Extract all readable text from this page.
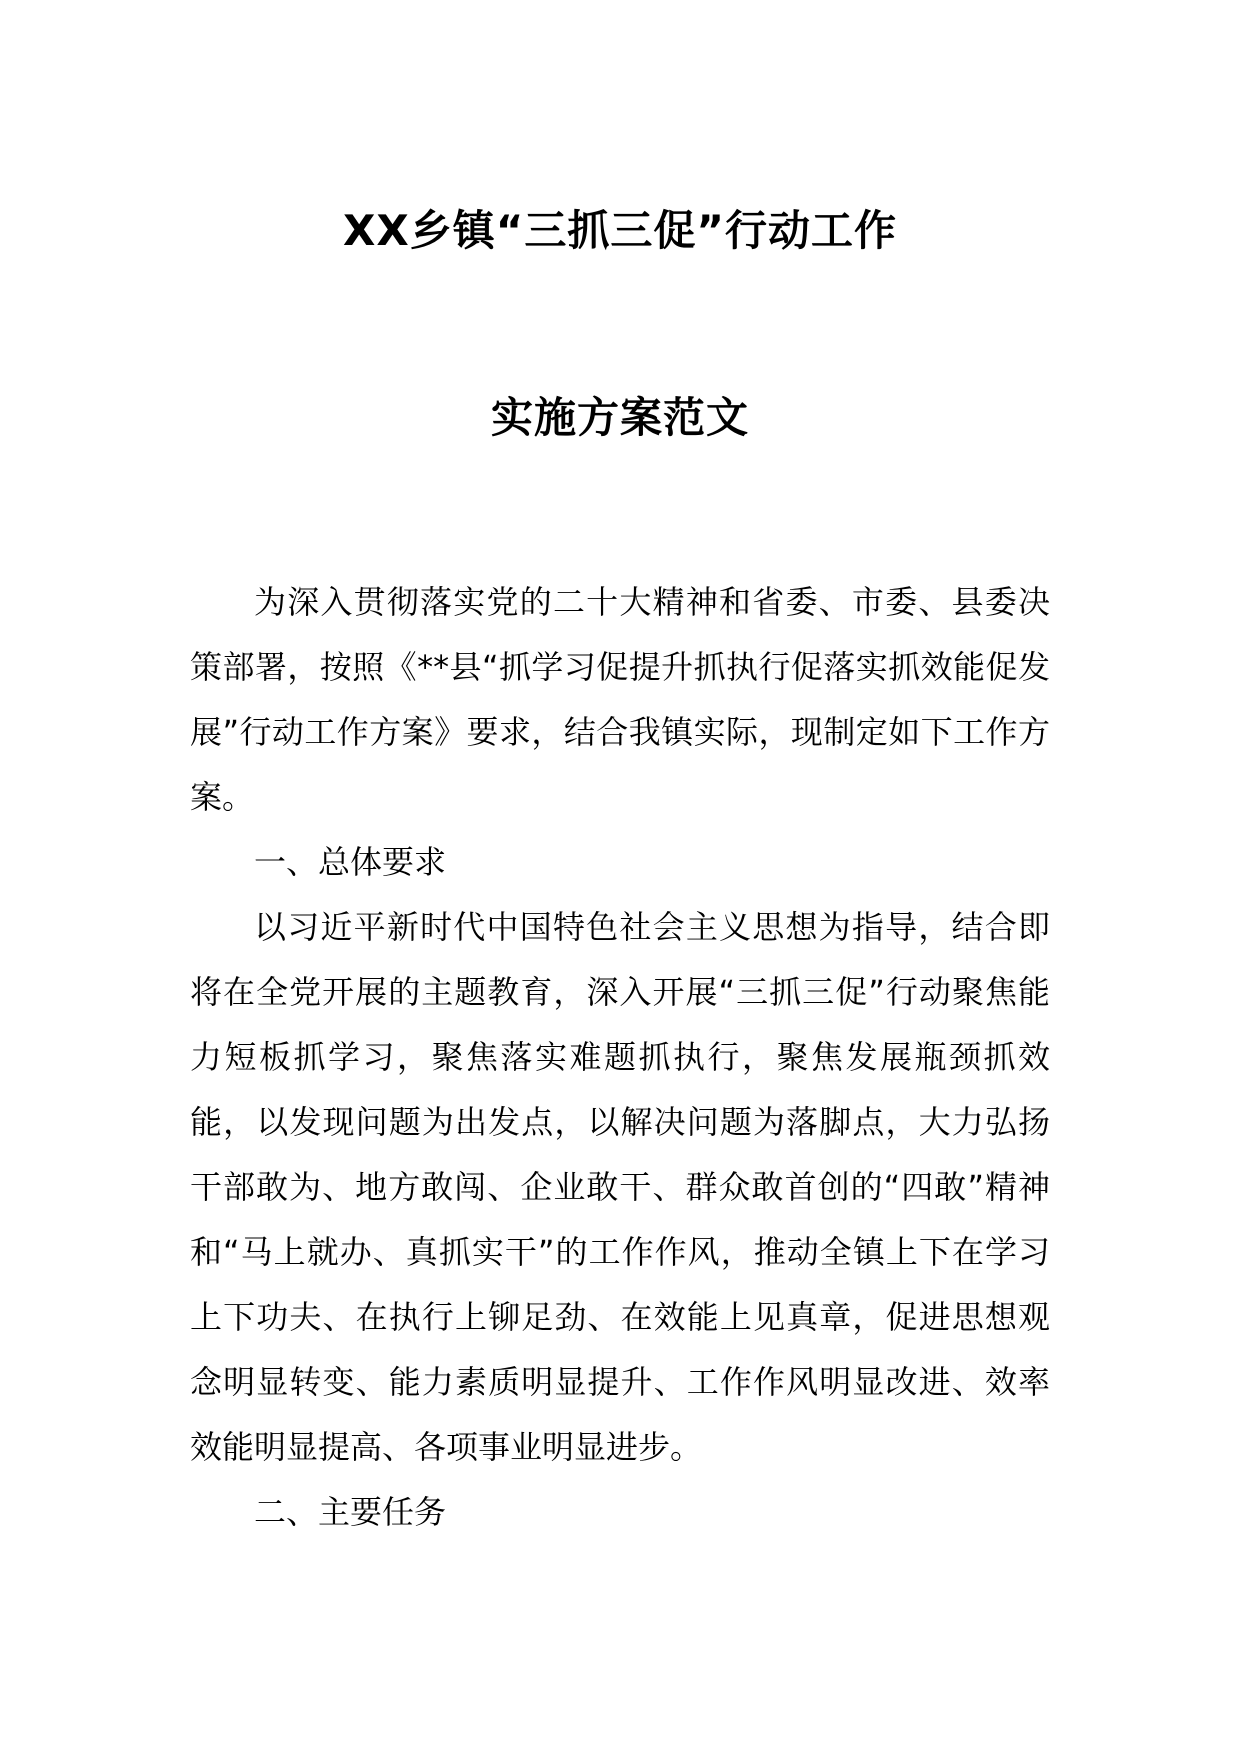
XX乡镇“三抓三促”行动工作
实施方案范文

为深入贯彻落实党的二十大精神和省委、市委、县委决策部署，按照《**县“抓学习促提升抓执行促落实抓效能促发展”行动工作方案》要求，结合我镇实际，现制定如下工作方案。

一、总体要求

以习近平新时代中国特色社会主义思想为指导，结合即将在全党开展的主题教育，深入开展“三抓三促”行动聚焦能力短板抓学习，聚焦落实难题抓执行，聚焦发展瓶颈抓效能，以发现问题为出发点，以解决问题为落脚点，大力弘扬干部敢为、地方敢闯、企业敢干、群众敢首创的“四敢”精神和“马上就办、真抓实干”的工作作风，推动全镇上下在学习上下功夫、在执行上铆足劲、在效能上见真章，促进思想观念明显转变、能力素质明显提升、工作作风明显改进、效率效能明显提高、各项事业明显进步。

二、主要任务
